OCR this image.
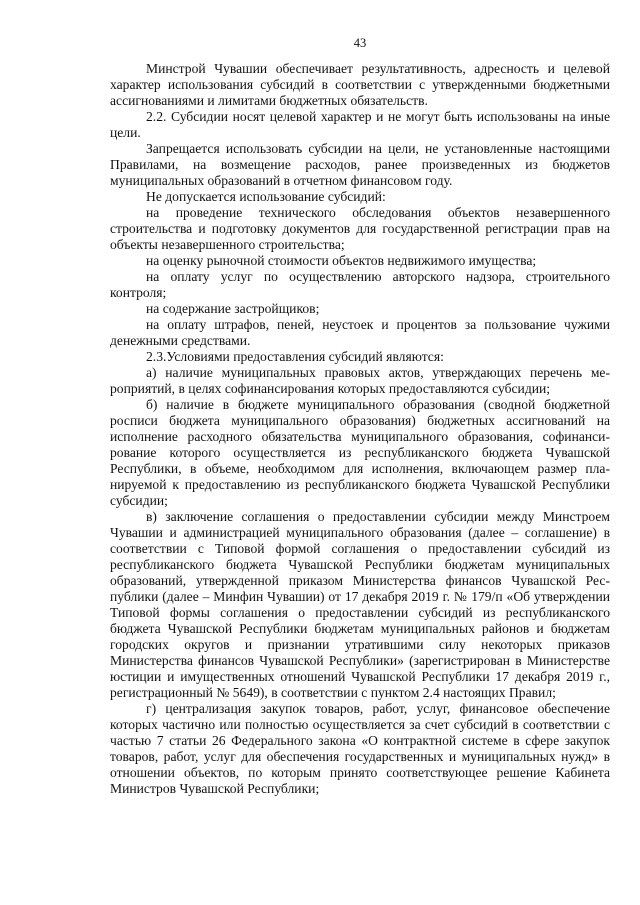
43

Минстрой Чувашии обеспечивает результативность, адресность и целевой характер использования субсидий в соответствии с утвержденными бюджетными ассигнованиями и лимитами бюджетных обязательств.

2.2. Субсидии носят целевой характер и не могут быть использованы на иные цели.

Запрещается использовать субсидии на цели, не установленные настоящими Правилами, на возмещение расходов, ранее произведенных из бюджетов муниципальных образований в отчетном финансовом году.

Не допускается использование субсидий:

на проведение технического обследования объектов незавершенного строительства и подготовку документов для государственной регистрации прав на объекты незавершенного строительства;

на оценку рыночной стоимости объектов недвижимого имущества;

на оплату услуг по осуществлению авторского надзора, строительного контроля;

на содержание застройщиков;

на оплату штрафов, пеней, неустоек и процентов за пользование чужими денежными средствами.

2.3.Условиями предоставления субсидий являются:

а) наличие муниципальных правовых актов, утверждающих перечень мероприятий, в целях софинансирования которых предоставляются субсидии;

б) наличие в бюджете муниципального образования (сводной бюджетной росписи бюджета муниципального образования) бюджетных ассигнований на исполнение расходного обязательства муниципального образования, софинансирование которого осуществляется из республиканского бюджета Чувашской Республики, в объеме, необходимом для исполнения, включающем размер планируемой к предоставлению из республиканского бюджета Чувашской Республики субсидии;

в) заключение соглашения о предоставлении субсидии между Минстроем Чувашии и администрацией муниципального образования (далее – соглашение) в соответствии с Типовой формой соглашения о предоставлении субсидий из республиканского бюджета Чувашской Республики бюджетам муниципальных образований, утвержденной приказом Министерства финансов Чувашской Республики (далее – Минфин Чувашии) от 17 декабря 2019 г. № 179/п «Об утверждении Типовой формы соглашения о предоставлении субсидий из республиканского бюджета Чувашской Республики бюджетам муниципальных районов и бюджетам городских округов и признании утратившими силу некоторых приказов Министерства финансов Чувашской Республики» (зарегистрирован в Министерстве юстиции и имущественных отношений Чувашской Республики 17 декабря 2019 г., регистрационный № 5649), в соответствии с пунктом 2.4 настоящих Правил;

г) централизация закупок товаров, работ, услуг, финансовое обеспечение которых частично или полностью осуществляется за счет субсидий в соответствии с частью 7 статьи 26 Федерального закона «О контрактной системе в сфере закупок товаров, работ, услуг для обеспечения государственных и муниципальных нужд» в отношении объектов, по которым принято соответствующее решение Кабинета Министров Чувашской Республики;
